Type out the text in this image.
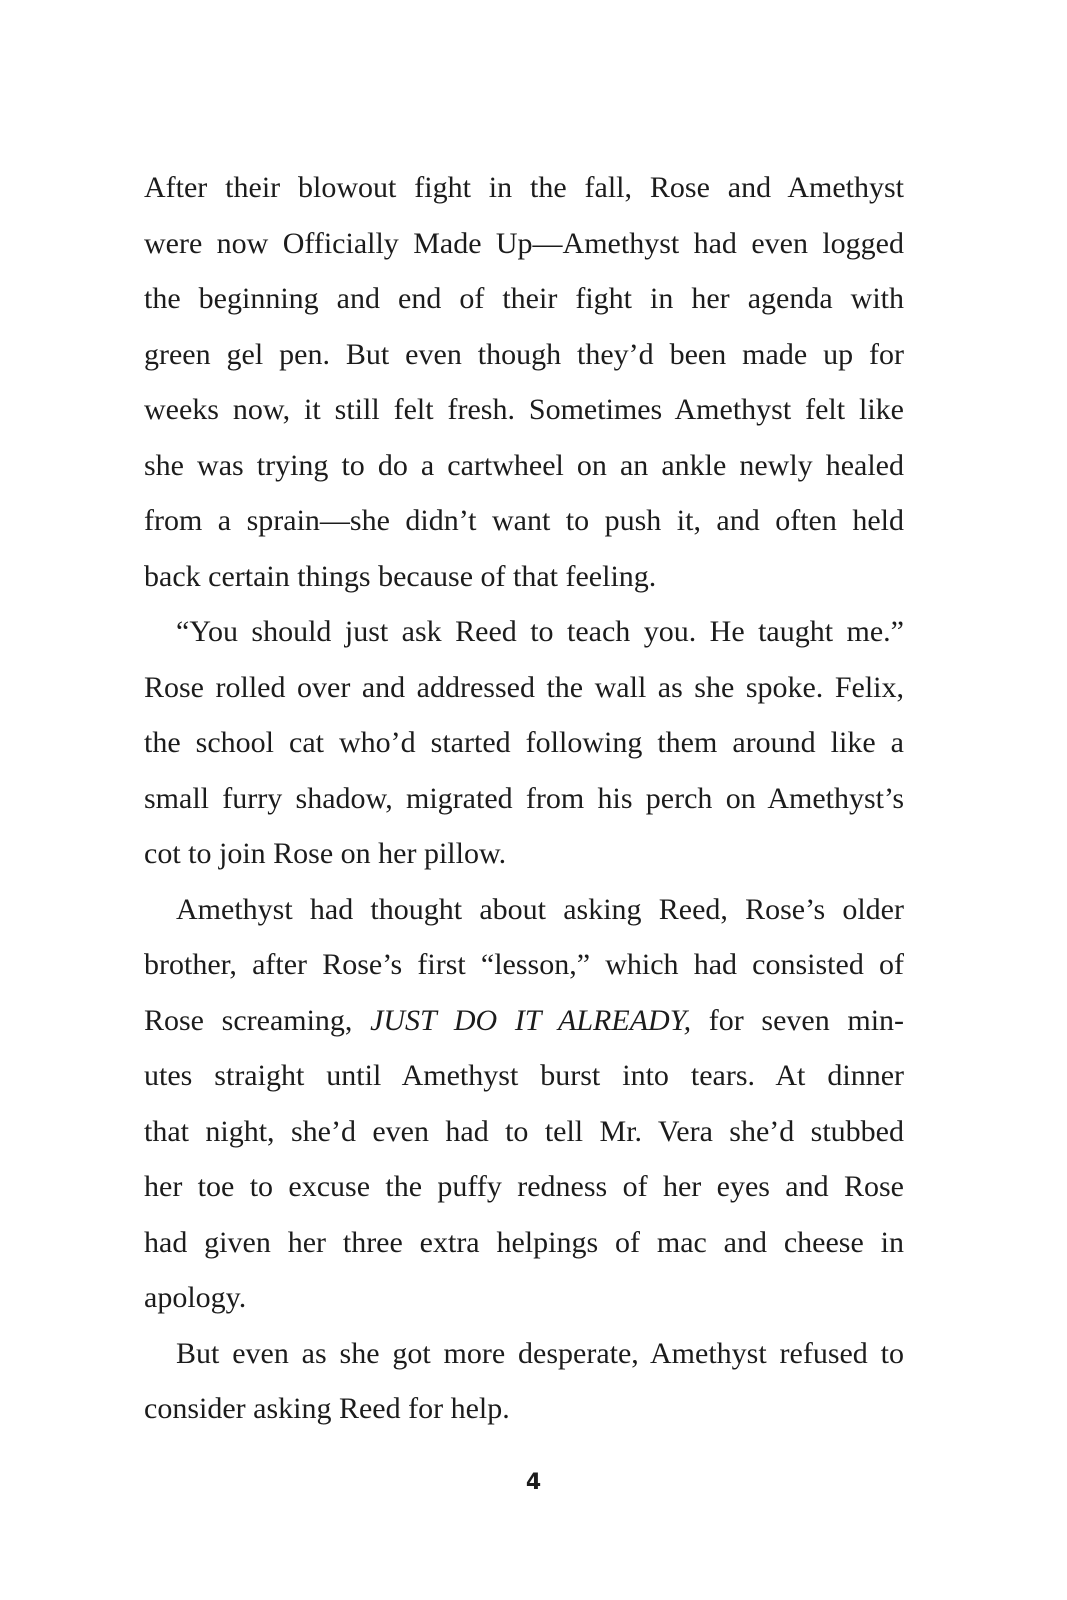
After their blowout fight in the fall, Rose and Amethyst
were now Officially Made Up—Amethyst had even logged
the beginning and end of their fight in her agenda with
green gel pen. But even though they’d been made up for
weeks now, it still felt fresh. Sometimes Amethyst felt like
she was trying to do a cartwheel on an ankle newly healed
from a sprain—she didn’t want to push it, and often held
back certain things because of that feeling.
“You should just ask Reed to teach you. He taught me.”
Rose rolled over and addressed the wall as she spoke. Felix,
the school cat who’d started following them around like a
small furry shadow, migrated from his perch on Amethyst’s
cot to join Rose on her pillow.
Amethyst had thought about asking Reed, Rose’s older
brother, after Rose’s first “lesson,” which had consisted of
Rose screaming, JUST DO IT ALREADY, for seven min-
utes straight until Amethyst burst into tears. At dinner
that night, she’d even had to tell Mr. Vera she’d stubbed
her toe to excuse the puffy redness of her eyes and Rose
had given her three extra helpings of mac and cheese in
apology.
But even as she got more desperate, Amethyst refused to
consider asking Reed for help.
4
